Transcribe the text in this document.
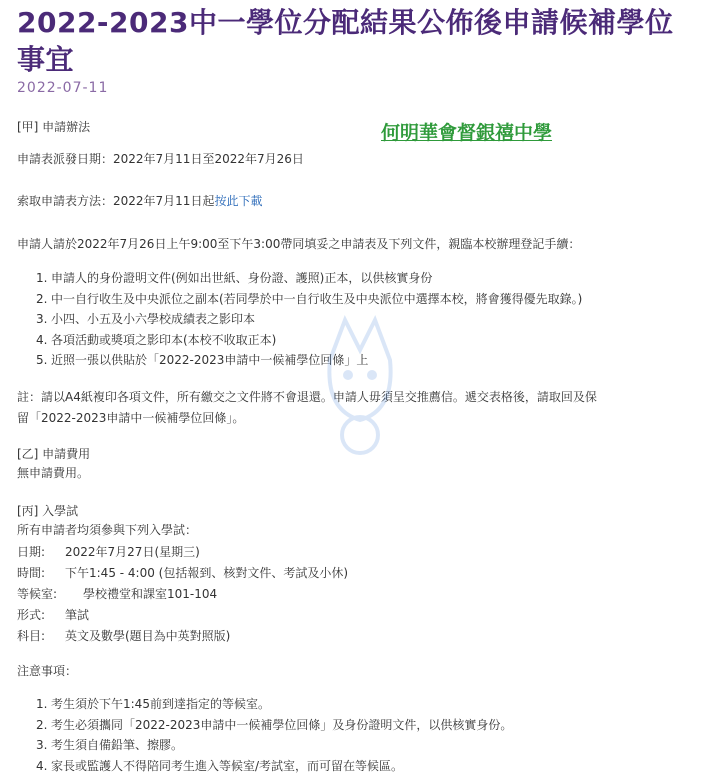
2022-2023中一學位分配結果公佈後申請候補學位事宜
2022-07-11
何明華會督銀禧中學
[甲] 申請辦法
申請表派發日期：2022年7月11日至2022年7月26日
索取申請表方法：2022年7月11日起按此下載
申請人請於2022年7月26日上午9:00至下午3:00帶同填妥之申請表及下列文件，親臨本校辦理登記手續：
1. 申請人的身份證明文件(例如出世紙、身份證、護照)正本，以供核實身份
2. 中一自行收生及中央派位之副本(若同學於中一自行收生及中央派位中選擇本校，將會獲得優先取錄。)
3. 小四、小五及小六學校成績表之影印本
4. 各項活動或獎項之影印本(本校不收取正本)
5. 近照一張以供貼於「2022-2023申請中一候補學位回條」上
註：請以A4紙複印各項文件，所有繳交之文件將不會退還。申請人毋須呈交推薦信。遞交表格後，請取回及保
留「2022-2023申請中一候補學位回條」。
[乙] 申請費用
無申請費用。
[丙] 入學試
所有申請者均須參與下列入學試：
日期: 2022年7月27日(星期三)
時間: 下午1:45 - 4:00 (包括報到、核對文件、考試及小休)
等候室: 學校禮堂和課室101-104
形式: 筆試
科目: 英文及數學(題目為中英對照版)
注意事項：
1. 考生須於下午1:45前到達指定的等候室。
2. 考生必須攜同「2022-2023申請中一候補學位回條」及身份證明文件，以供核實身份。
3. 考生須自備鉛筆、擦膠。
4. 家長或監護人不得陪同考生進入等候室/考試室，而可留在等候區。
